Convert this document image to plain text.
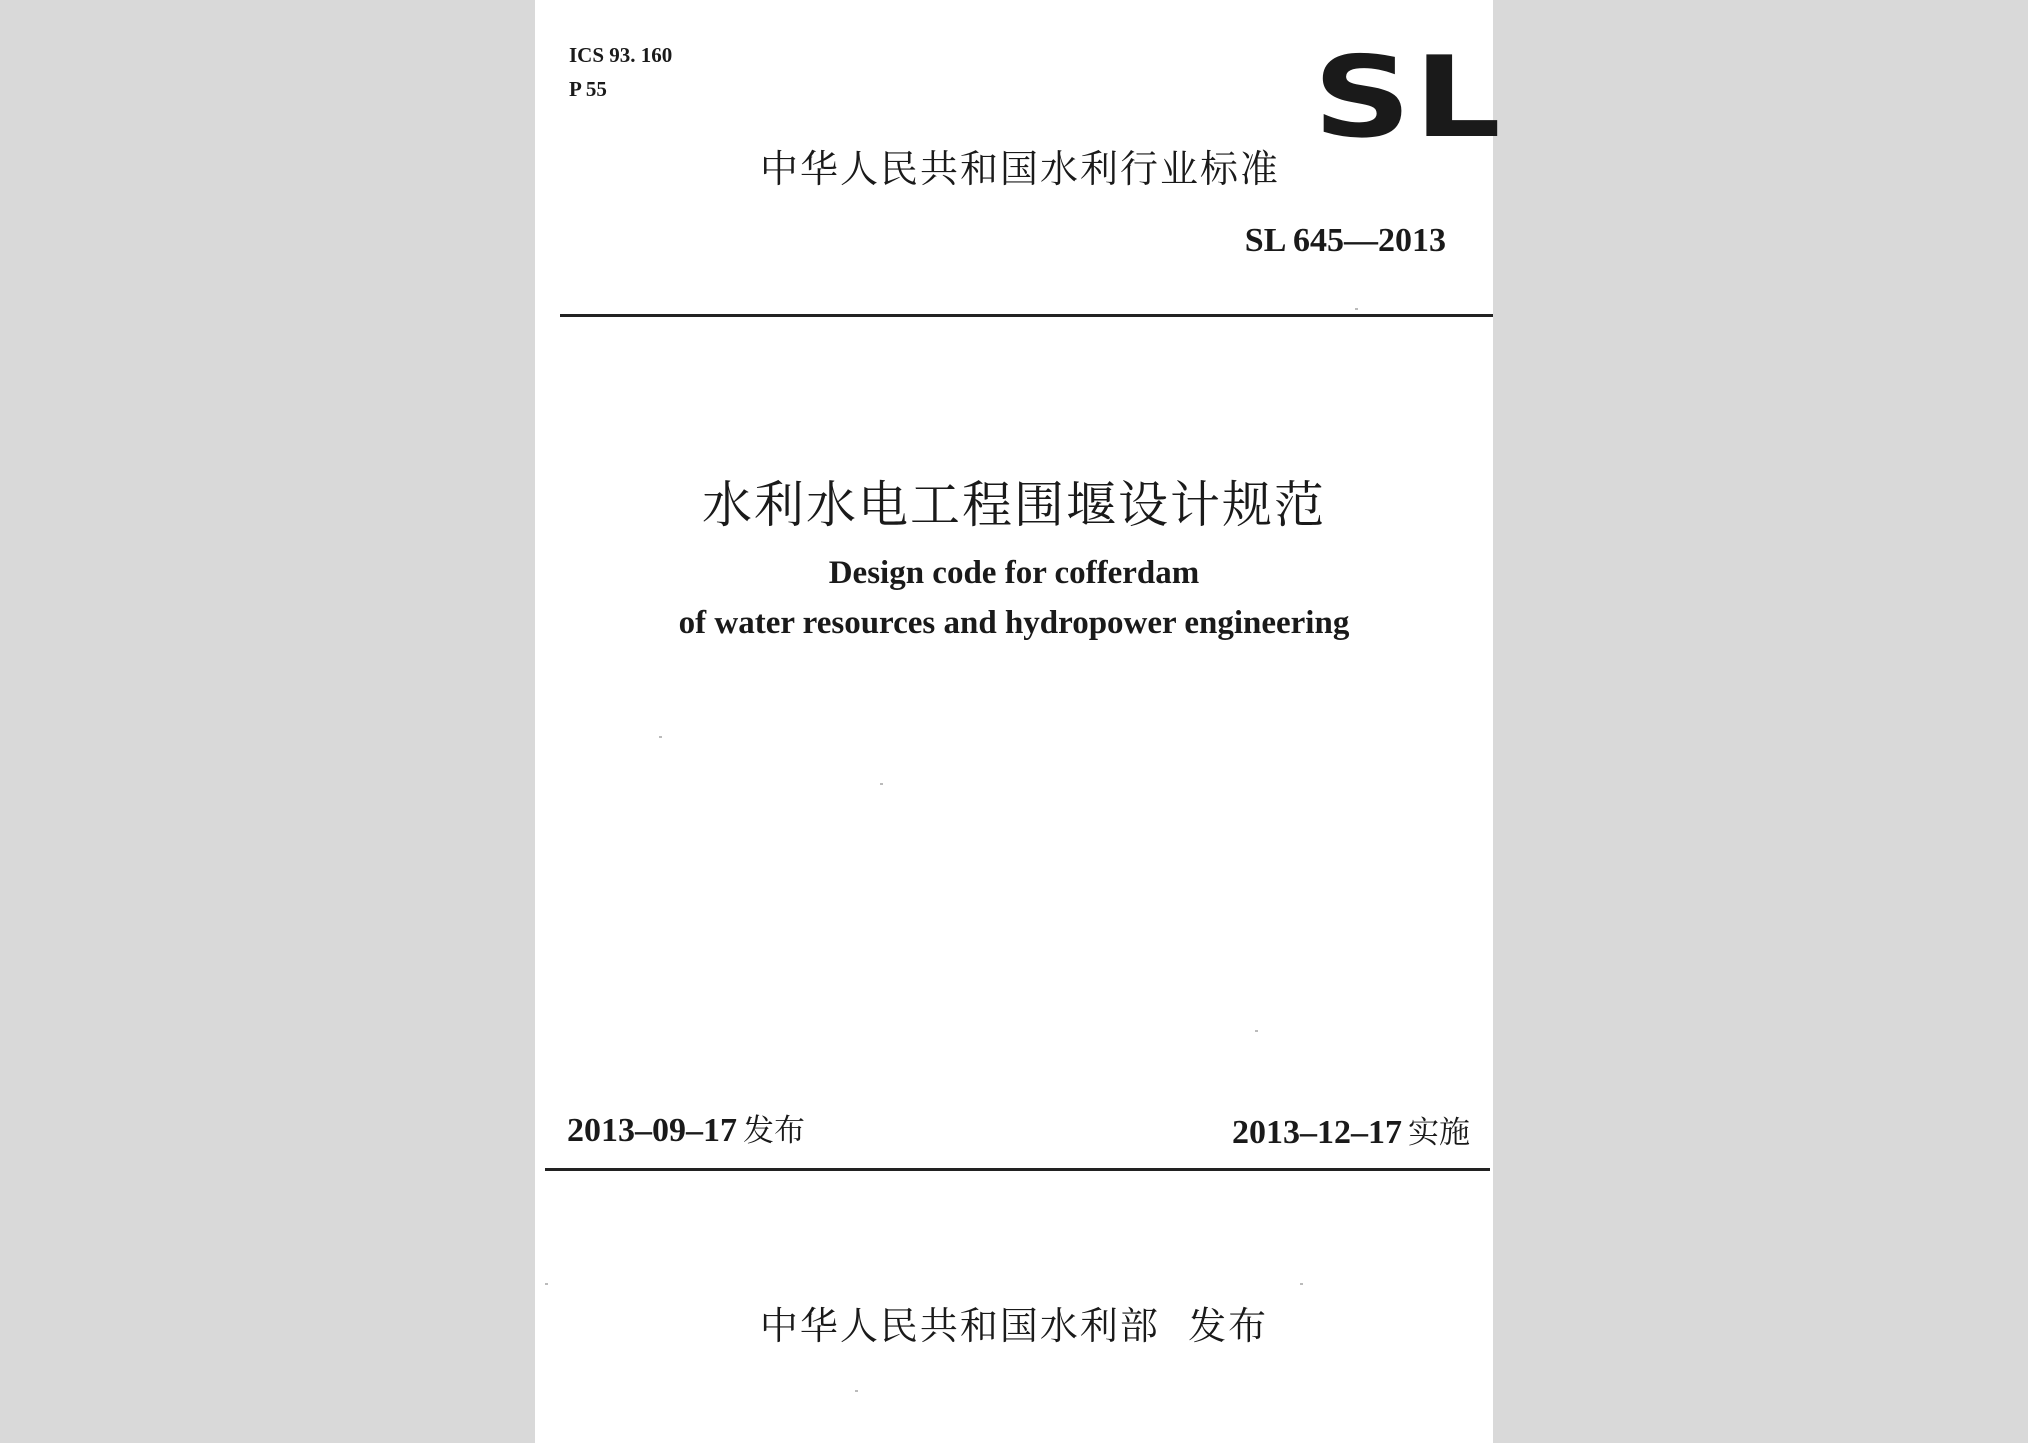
ICS 93. 160
P 55	SL
中华人民共和国水利行业标准
SL 645—2013
水利水电工程围堰设计规范
Design code for cofferdam
of water resources and hydropower engineering
2013–09–17 发布	2013–12–17 实施
中华人民共和国水利部  发布
